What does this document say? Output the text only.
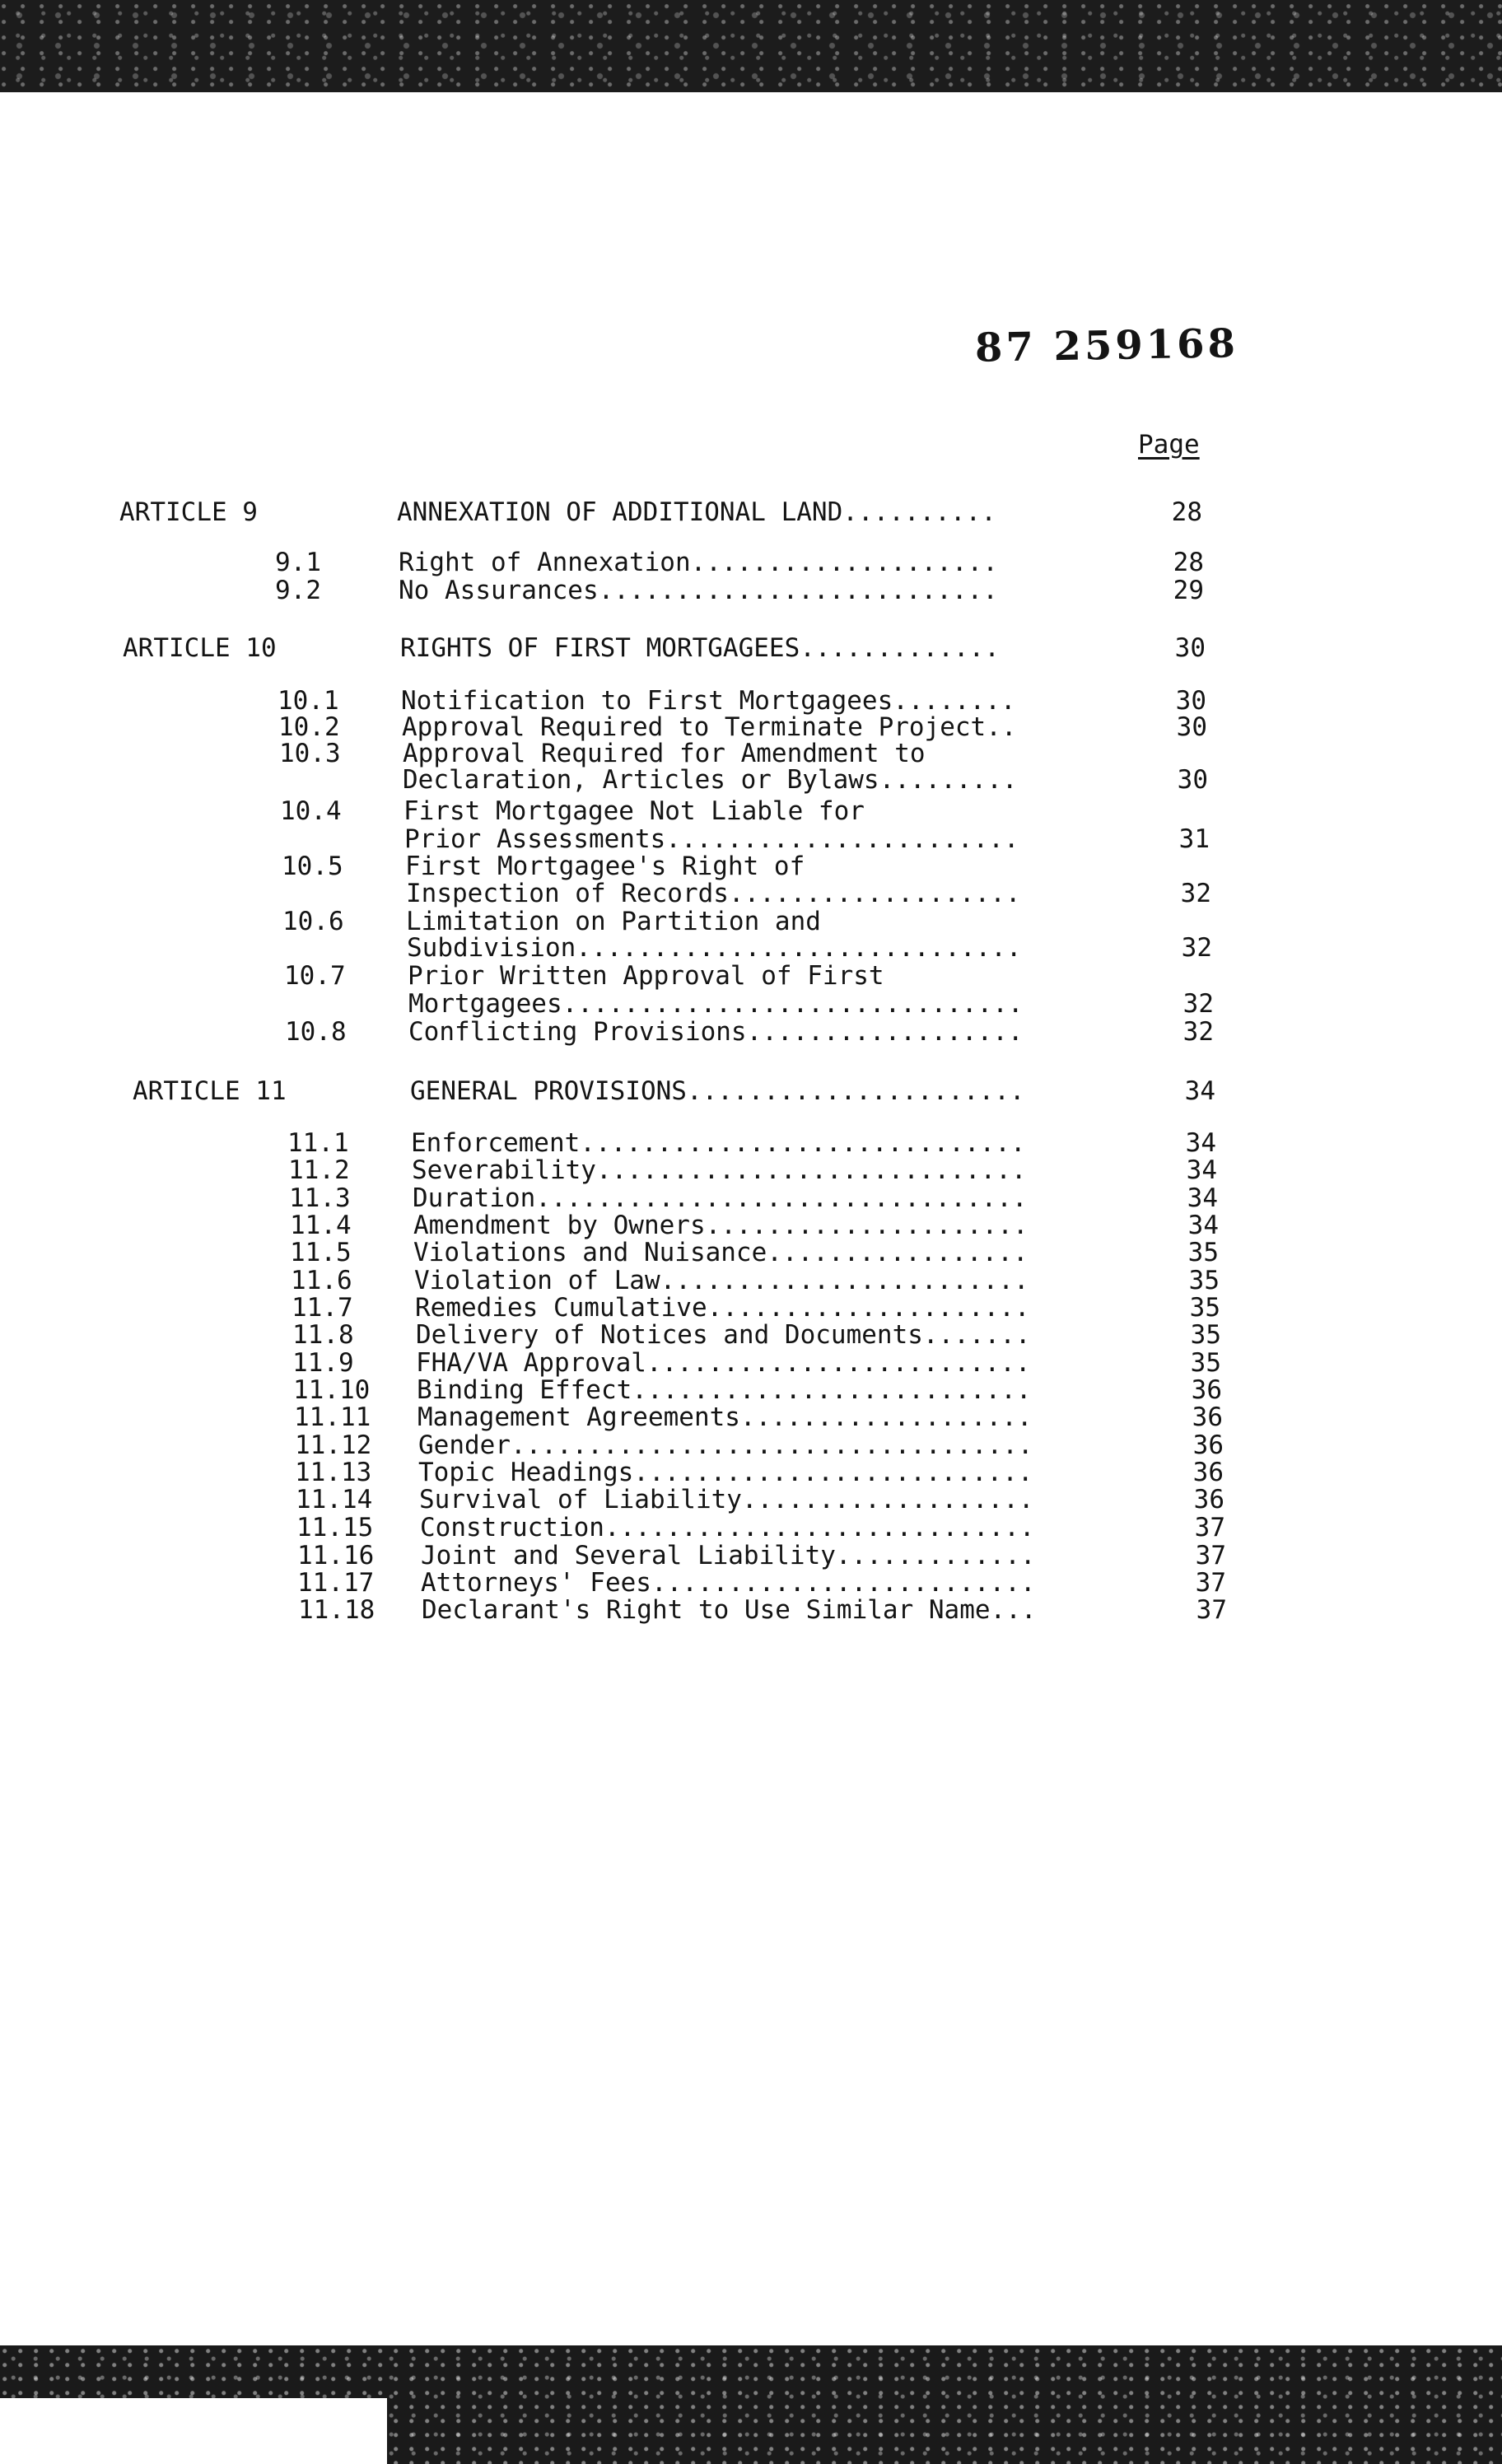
87 259168
Page
ARTICLE 9	ANNEXATION OF ADDITIONAL LAND..........	28
9.1	Right of Annexation....................	28
9.2	No Assurances..........................	29
ARTICLE 10	RIGHTS OF FIRST MORTGAGEES.............	30
10.1 Notification to First Mortgagees........	30
10.2 Approval Required to Terminate Project..	30
10.3 Approval Required for Amendment to
Declaration, Articles or Bylaws.........	30
10.4 First Mortgagee Not Liable for
Prior Assessments.......................	31
10.5 First Mortgagee's Right of
Inspection of Records...................	32
10.6 Limitation on Partition and
Subdivision.............................	32
10.7 Prior Written Approval of First
Mortgagees..............................	32
10.8 Conflicting Provisions..................	32
ARTICLE 11	GENERAL PROVISIONS......................	34
11.1 Enforcement.............................	34
11.2 Severability............................	34
11.3 Duration................................	34
11.4 Amendment by Owners.....................	34
11.5 Violations and Nuisance.................	35
11.6 Violation of Law........................	35
11.7 Remedies Cumulative.....................	35
11.8 Delivery of Notices and Documents.......	35
11.9 FHA/VA Approval.........................	35
11.10 Binding Effect..........................	36
11.11 Management Agreements...................	36
11.12 Gender..................................	36
11.13 Topic Headings..........................	36
11.14 Survival of Liability...................	36
11.15 Construction............................	37
11.16 Joint and Several Liability.............	37
11.17 Attorneys' Fees.........................	37
11.18 Declarant's Right to Use Similar Name...	37
